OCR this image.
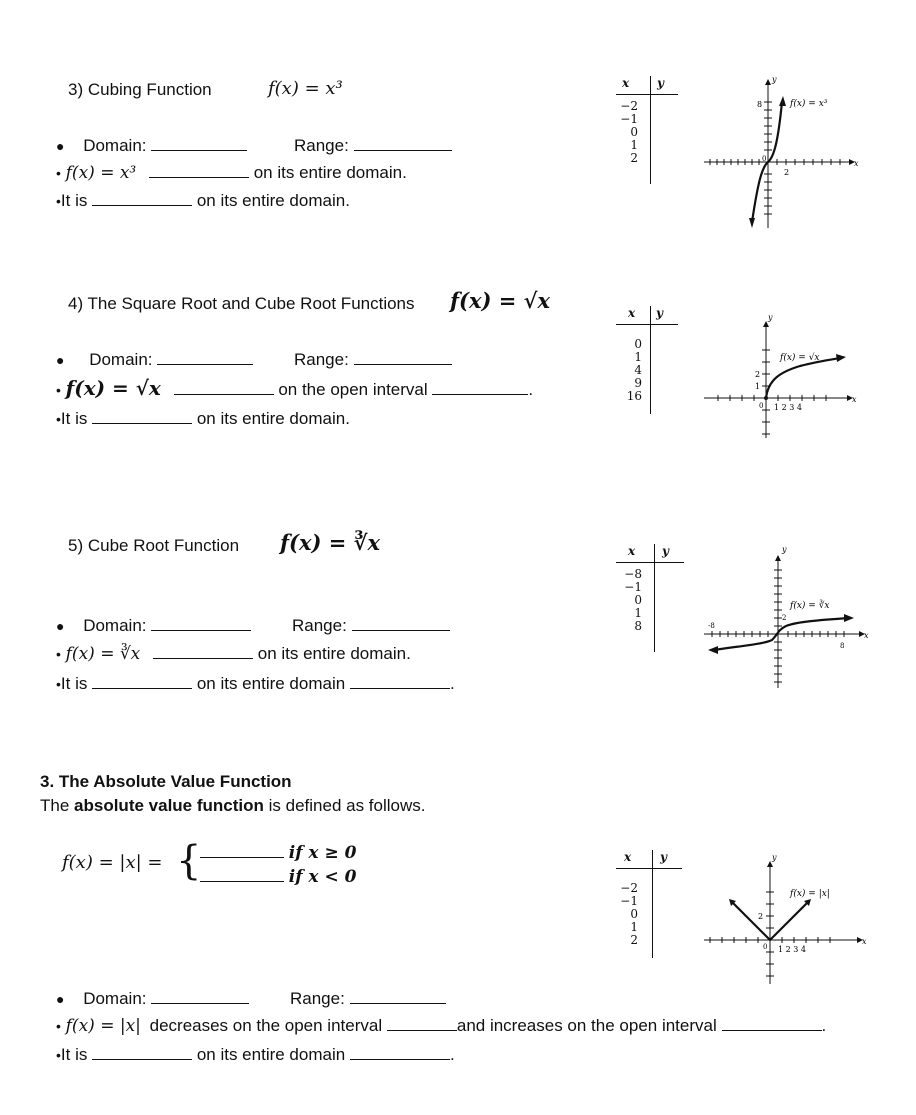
3) Cubing Function	f(x) = x³
● Domain:	Range:
• f(x) = x³	on its entire domain.
•It is	on its entire domain.
x y
−2
−1
0
1
2
y
x
8
2
0
f(x) = x³
4) The Square Root and Cube Root Functions f(x) = √x
● Domain:	Range:
• f(x) = √x	on the open interval	.
•It is	on its entire domain.
x y
0
1
4
9
16
y
x
2
1
0 1 2 3 4
f(x) = √x
5) Cube Root Function f(x) = ∛x
● Domain:	Range:
• f(x) = ∛x	on its entire domain.
•It is	on its entire domain	.
x y
−8
−1
0
1
8
y
x
-8
8
2
f(x) = ∛x
3. The Absolute Value Function
The absolute value function is defined as follows.
f(x) = |x| = {	if x ≥ 0
if x < 0
x y
−2
−1
0
1
2
y
x
2
0 1 2 3 4
f(x) = |x|
● Domain:	Range:
• f(x) = |x| decreases on the open interval	and increases on the open interval	.
•It is	on its entire domain	.
